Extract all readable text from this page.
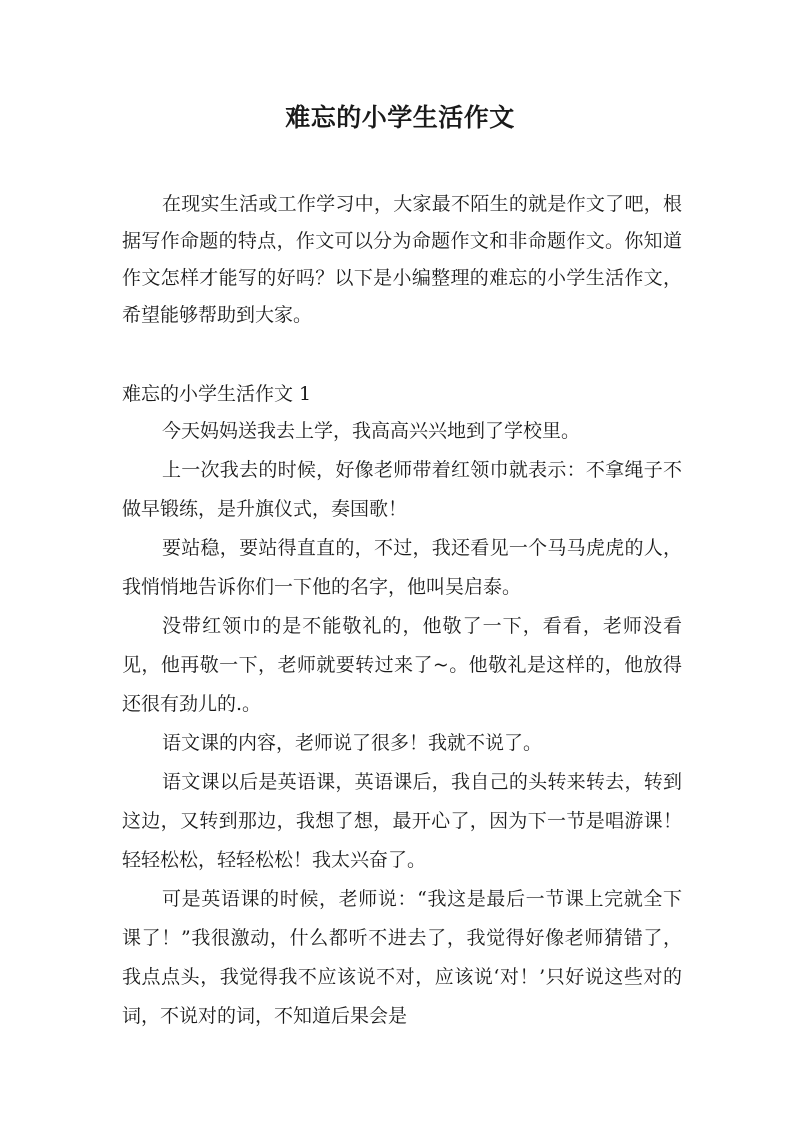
难忘的小学生活作文

在现实生活或工作学习中，大家最不陌生的就是作文了吧，根据写作命题的特点，作文可以分为命题作文和非命题作文。你知道作文怎样才能写的好吗？以下是小编整理的难忘的小学生活作文，希望能够帮助到大家。

难忘的小学生活作文 1

今天妈妈送我去上学，我高高兴兴地到了学校里。

上一次我去的时候，好像老师带着红领巾就表示：不拿绳子不做早锻练，是升旗仪式，奏国歌！

要站稳，要站得直直的，不过，我还看见一个马马虎虎的人，我悄悄地告诉你们一下他的名字，他叫吴启泰。

没带红领巾的是不能敬礼的，他敬了一下，看看，老师没看见，他再敬一下，老师就要转过来了~。他敬礼是这样的，他放得还很有劲儿的.。

语文课的内容，老师说了很多！我就不说了。

语文课以后是英语课，英语课后，我自己的头转来转去，转到这边，又转到那边，我想了想，最开心了，因为下一节是唱游课！轻轻松松，轻轻松松！我太兴奋了。

可是英语课的时候，老师说：“我这是最后一节课上完就全下课了！”我很激动，什么都听不进去了，我觉得好像老师猜错了，我点点头，我觉得我不应该说不对，应该说‘对！’只好说这些对的词，不说对的词，不知道后果会是
